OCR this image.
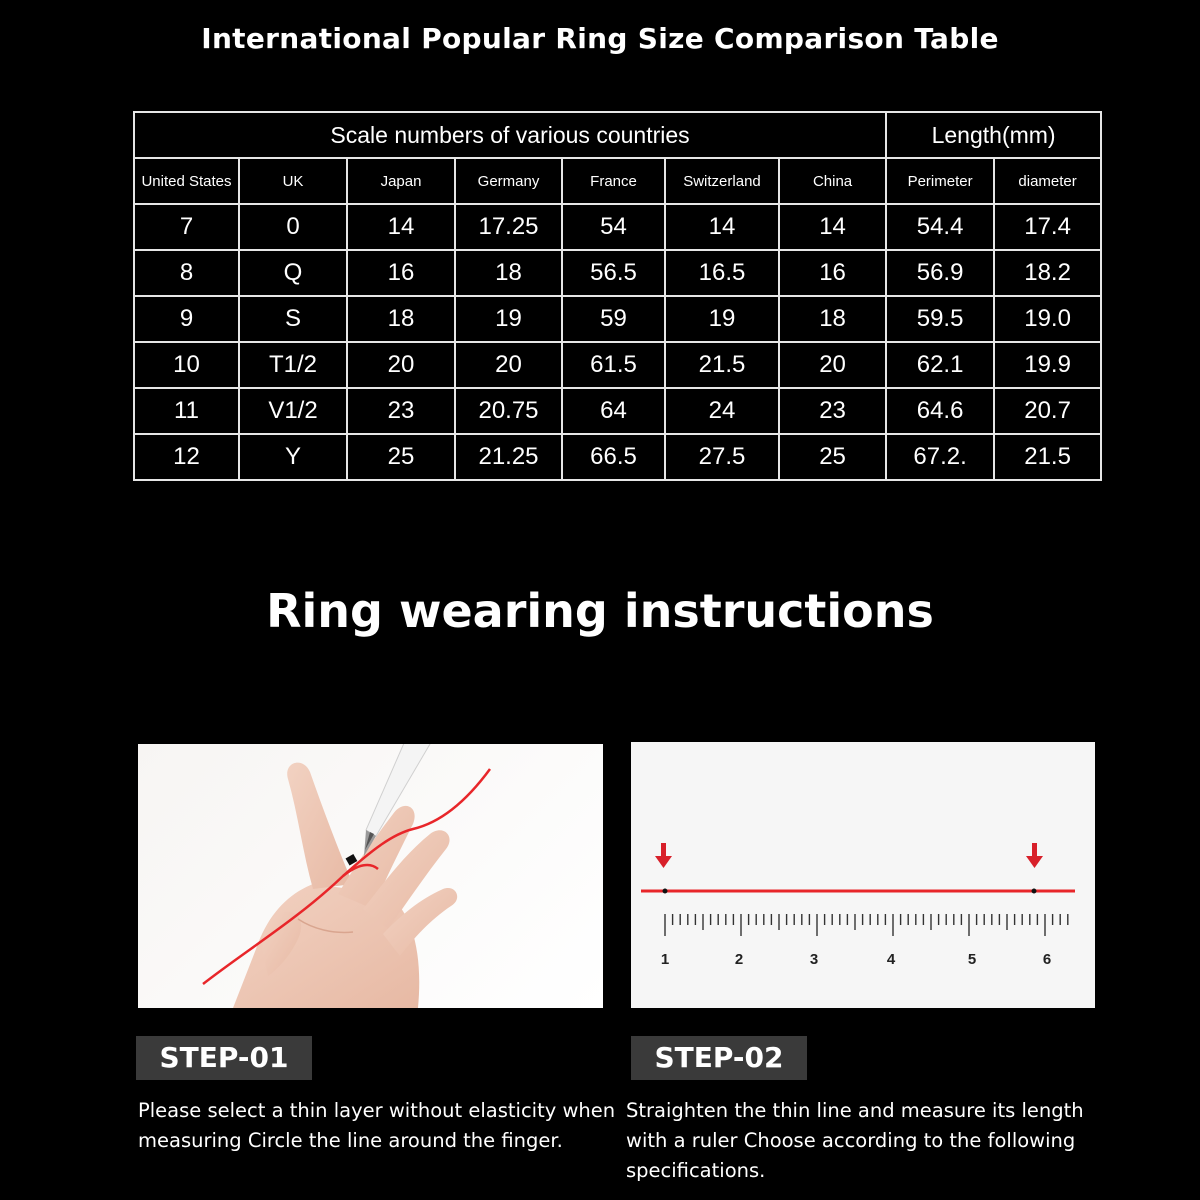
International Popular Ring Size Comparison Table
Scale numbers of various countries							Length(mm)	
United States	UK	Japan	Germany	France	Switzerland	China	Perimeter	diameter
7	0	14	17.25	54	14	14	54.4	17.4
8	Q	16	18	56.5	16.5	16	56.9	18.2
9	S	18	19	59	19	18	59.5	19.0
10	T1/2	20	20	61.5	21.5	20	62.1	19.9
11	V1/2	23	20.75	64	24	23	64.6	20.7
12	Y	25	21.25	66.5	27.5	25	67.2.	21.5
Ring wearing instructions
1	2	3	4	5	6
STEP-01	STEP-02
Please select a thin layer without elasticity when
measuring Circle the line around the finger.
Straighten the thin line and measure its length
with a ruler Choose according to the following
specifications.
